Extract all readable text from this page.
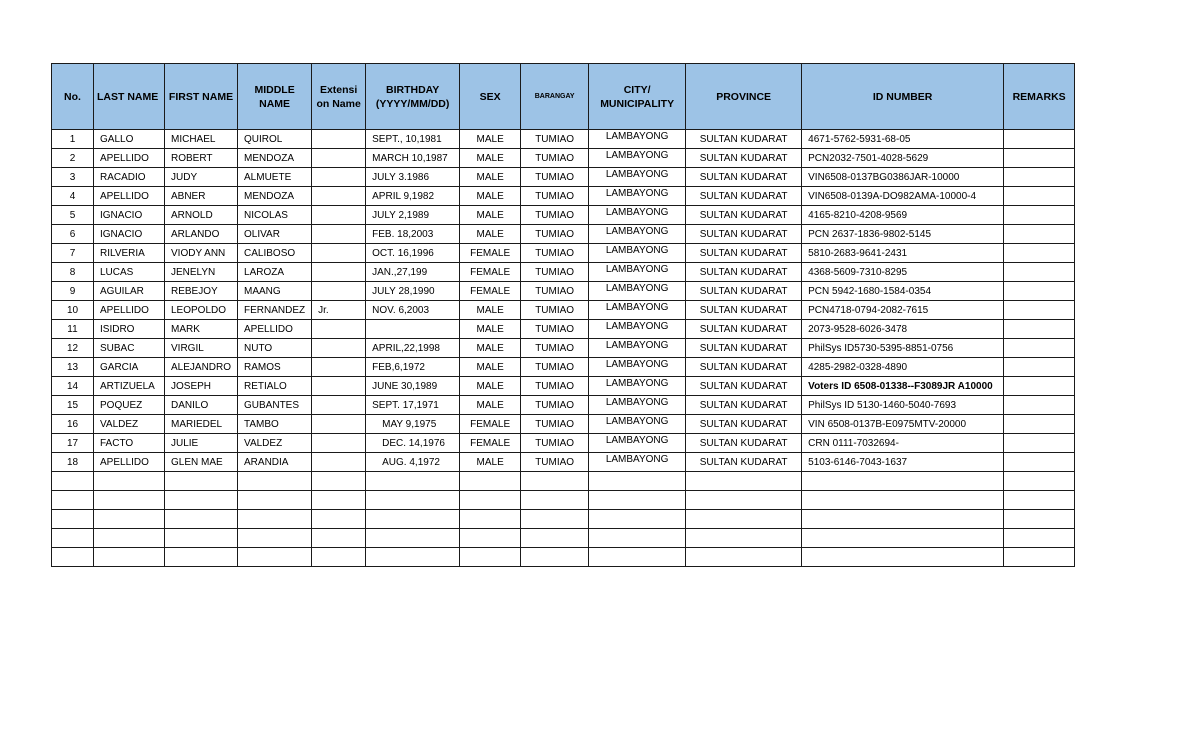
No.	LAST NAME	FIRST NAME	MIDDLE NAME	Extensi on Name	BIRTHDAY (YYYY/MM/DD)	SEX	BARANGAY	CITY/ MUNICIPALITY	PROVINCE	ID NUMBER	REMARKS
1	GALLO	MICHAEL	QUIROL		SEPT., 10,1981	MALE	TUMIAO	LAMBAYONG	SULTAN KUDARAT	4671-5762-5931-68-05	
2	APELLIDO	ROBERT	MENDOZA		MARCH 10,1987	MALE	TUMIAO	LAMBAYONG	SULTAN KUDARAT	PCN2032-7501-4028-5629	
3	RACADIO	JUDY	ALMUETE		JULY 3.1986	MALE	TUMIAO	LAMBAYONG	SULTAN KUDARAT	VIN6508-0137BG0386JAR-10000	
4	APELLIDO	ABNER	MENDOZA		APRIL 9,1982	MALE	TUMIAO	LAMBAYONG	SULTAN KUDARAT	VIN6508-0139A-DO982AMA-10000-4	
5	IGNACIO	ARNOLD	NICOLAS		JULY 2,1989	MALE	TUMIAO	LAMBAYONG	SULTAN KUDARAT	4165-8210-4208-9569	
6	IGNACIO	ARLANDO	OLIVAR		FEB. 18,2003	MALE	TUMIAO	LAMBAYONG	SULTAN KUDARAT	PCN 2637-1836-9802-5145	
7	RILVERIA	VIODY ANN	CALIBOSO		OCT. 16,1996	FEMALE	TUMIAO	LAMBAYONG	SULTAN KUDARAT	5810-2683-9641-2431	
8	LUCAS	JENELYN	LAROZA		JAN.,27,199	FEMALE	TUMIAO	LAMBAYONG	SULTAN KUDARAT	4368-5609-7310-8295	
9	AGUILAR	REBEJOY	MAANG		JULY 28,1990	FEMALE	TUMIAO	LAMBAYONG	SULTAN KUDARAT	PCN 5942-1680-1584-0354	
10	APELLIDO	LEOPOLDO	FERNANDEZ	Jr.	NOV. 6,2003	MALE	TUMIAO	LAMBAYONG	SULTAN KUDARAT	PCN4718-0794-2082-7615	
11	ISIDRO	MARK	APELLIDO			MALE	TUMIAO	LAMBAYONG	SULTAN KUDARAT	2073-9528-6026-3478	
12	SUBAC	VIRGIL	NUTO		APRIL,22,1998	MALE	TUMIAO	LAMBAYONG	SULTAN KUDARAT	PhilSys ID5730-5395-8851-0756	
13	GARCIA	ALEJANDRO	RAMOS		FEB,6,1972	MALE	TUMIAO	LAMBAYONG	SULTAN KUDARAT	4285-2982-0328-4890	
14	ARTIZUELA	JOSEPH	RETIALO		JUNE 30,1989	MALE	TUMIAO	LAMBAYONG	SULTAN KUDARAT	Voters ID 6508-01338--F3089JR A10000	
15	POQUEZ	DANILO	GUBANTES		SEPT. 17,1971	MALE	TUMIAO	LAMBAYONG	SULTAN KUDARAT	PhilSys ID 5130-1460-5040-7693	
16	VALDEZ	MARIEDEL	TAMBO		MAY 9,1975	FEMALE	TUMIAO	LAMBAYONG	SULTAN KUDARAT	VIN 6508-0137B-E0975MTV-20000	
17	FACTO	JULIE	VALDEZ		DEC. 14,1976	FEMALE	TUMIAO	LAMBAYONG	SULTAN KUDARAT	CRN 0111-7032694-	
18	APELLIDO	GLEN MAE	ARANDIA		AUG. 4,1972	MALE	TUMIAO	LAMBAYONG	SULTAN KUDARAT	5103-6146-7043-1637	
